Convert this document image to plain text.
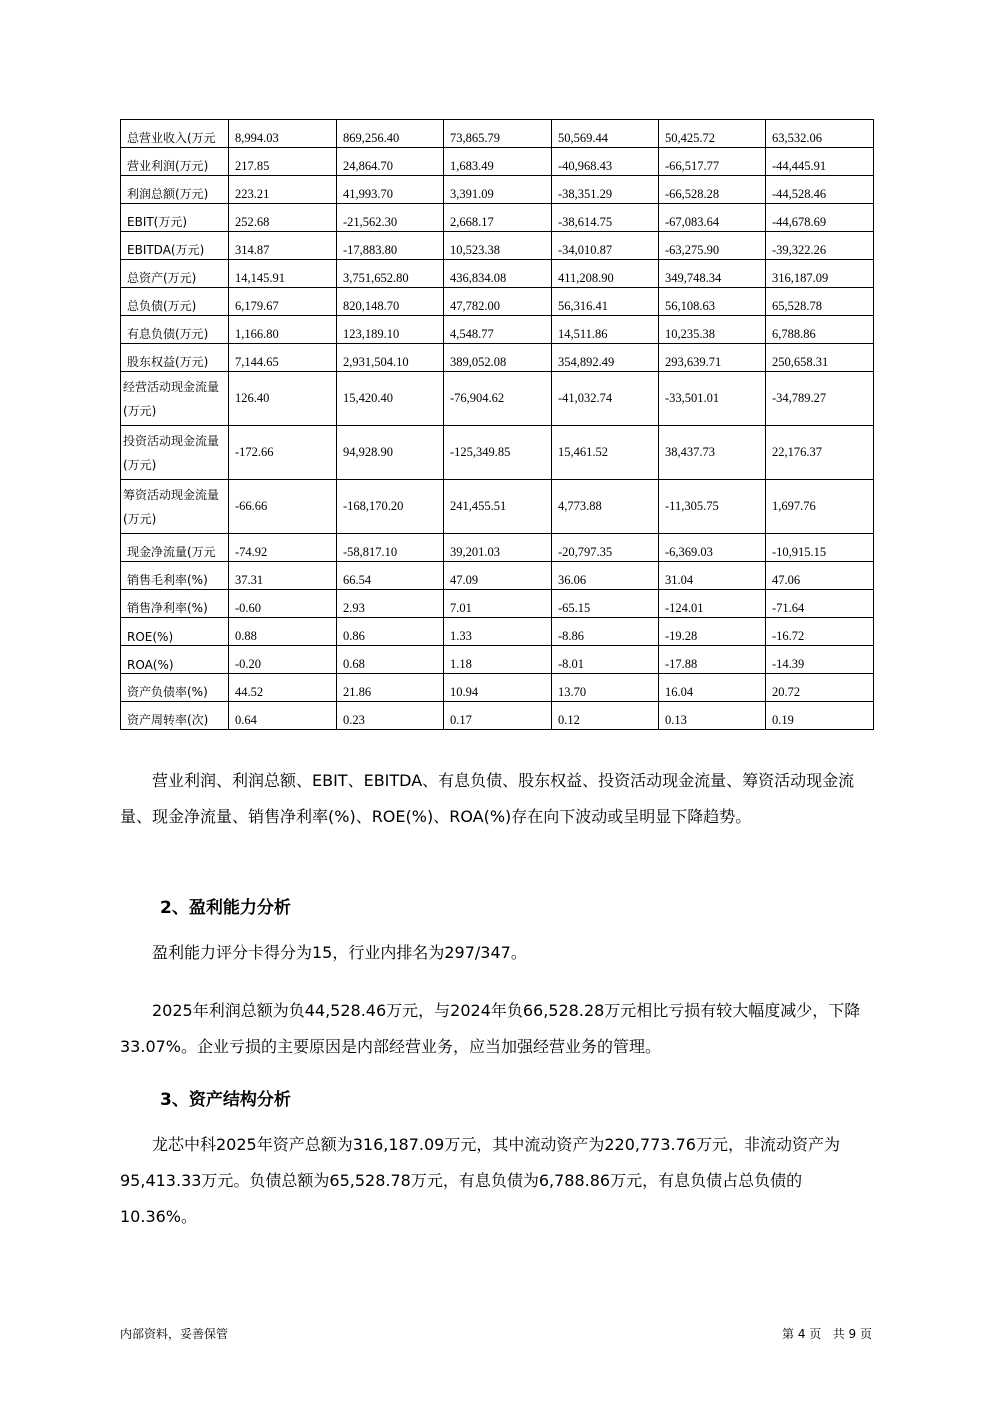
总营业收入(万元	8,994.03	869,256.40	73,865.79	50,569.44	50,425.72	63,532.06
营业利润(万元)	217.85	24,864.70	1,683.49	-40,968.43	-66,517.77	-44,445.91
利润总额(万元)	223.21	41,993.70	3,391.09	-38,351.29	-66,528.28	-44,528.46
EBIT(万元)	252.68	-21,562.30	2,668.17	-38,614.75	-67,083.64	-44,678.69
EBITDA(万元)	314.87	-17,883.80	10,523.38	-34,010.87	-63,275.90	-39,322.26
总资产(万元)	14,145.91	3,751,652.80	436,834.08	411,208.90	349,748.34	316,187.09
总负债(万元)	6,179.67	820,148.70	47,782.00	56,316.41	56,108.63	65,528.78
有息负债(万元)	1,166.80	123,189.10	4,548.77	14,511.86	10,235.38	6,788.86
股东权益(万元)	7,144.65	2,931,504.10	389,052.08	354,892.49	293,639.71	250,658.31
经营活动现金流量(万元)	126.40	15,420.40	-76,904.62	-41,032.74	-33,501.01	-34,789.27
投资活动现金流量(万元)	-172.66	94,928.90	-125,349.85	15,461.52	38,437.73	22,176.37
筹资活动现金流量(万元)	-66.66	-168,170.20	241,455.51	4,773.88	-11,305.75	1,697.76
现金净流量(万元	-74.92	-58,817.10	39,201.03	-20,797.35	-6,369.03	-10,915.15
销售毛利率(%)	37.31	66.54	47.09	36.06	31.04	47.06
销售净利率(%)	-0.60	2.93	7.01	-65.15	-124.01	-71.64
ROE(%)	0.88	0.86	1.33	-8.86	-19.28	-16.72
ROA(%)	-0.20	0.68	1.18	-8.01	-17.88	-14.39
资产负债率(%)	44.52	21.86	10.94	13.70	16.04	20.72
资产周转率(次)	0.64	0.23	0.17	0.12	0.13	0.19
营业利润、利润总额、EBIT、EBITDA、有息负债、股东权益、投资活动现金流量、筹资活动现金流量、现金净流量、销售净利率(%)、ROE(%)、ROA(%)存在向下波动或呈明显下降趋势。
2、盈利能力分析
盈利能力评分卡得分为15，行业内排名为297/347。
2025年利润总额为负44,528.46万元，与2024年负66,528.28万元相比亏损有较大幅度减少，下降33.07%。企业亏损的主要原因是内部经营业务，应当加强经营业务的管理。
3、资产结构分析
龙芯中科2025年资产总额为316,187.09万元，其中流动资产为220,773.76万元，非流动资产为95,413.33万元。负债总额为65,528.78万元，有息负债为6,788.86万元，有息负债占总负债的10.36%。
内部资料，妥善保管	第 4 页   共 9 页
